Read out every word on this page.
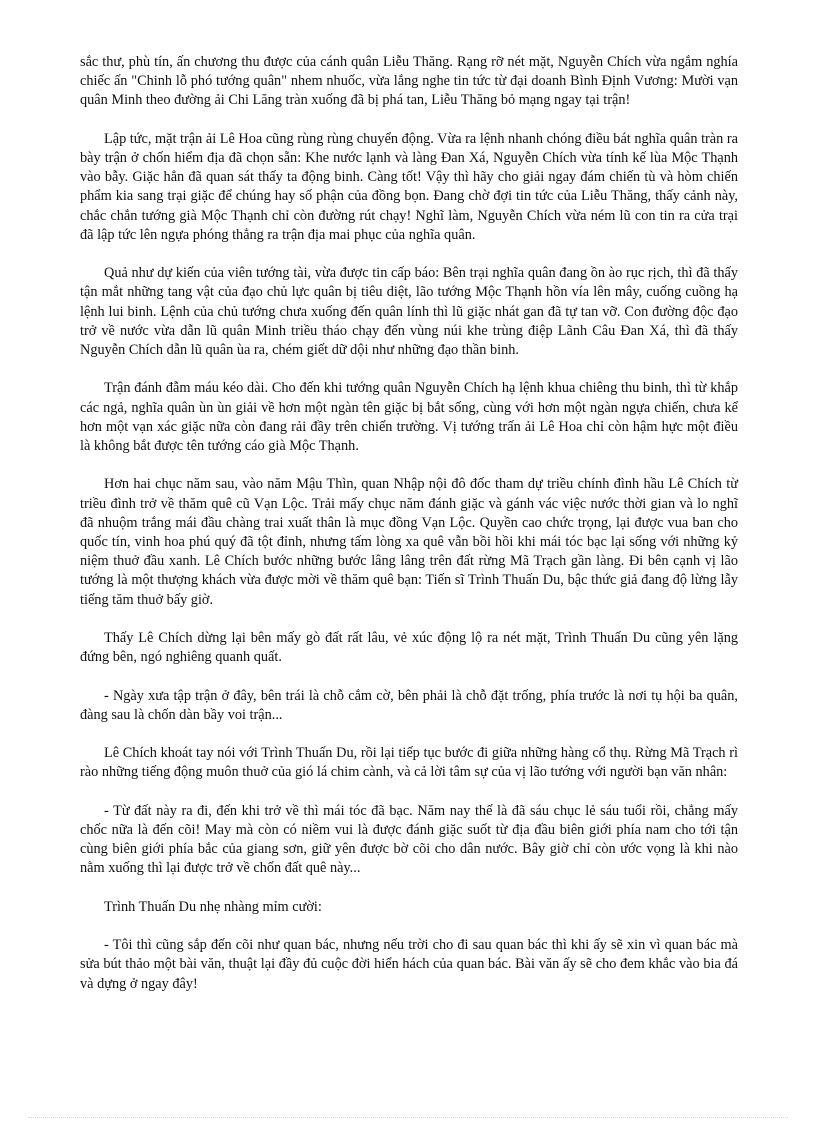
sắc thư, phù tín, ấn chương thu được của cánh quân Liễu Thăng. Rạng rỡ nét mặt, Nguyễn Chích vừa ngắm nghía chiếc ấn "Chinh lỗ phó tướng quân" nhem nhuốc, vừa lắng nghe tin tức từ đại doanh Bình Định Vương: Mười vạn quân Minh theo đường ải Chi Lăng tràn xuống đã bị phá tan, Liễu Thăng bỏ mạng ngay tại trận!

Lập tức, mặt trận ải Lê Hoa cũng rùng rùng chuyển động. Vừa ra lệnh nhanh chóng điều bát nghĩa quân tràn ra bày trận ở chốn hiểm địa đã chọn sẵn: Khe nước lạnh và làng Đan Xá, Nguyễn Chích vừa tính kế lùa Mộc Thạnh vào bẫy. Giặc hẳn đã quan sát thấy ta động binh. Càng tốt! Vậy thì hãy cho giải ngay đám chiến tù và hòm chiến phẩm kia sang trại giặc để chúng hay số phận của đồng bọn. Đang chờ đợi tin tức của Liễu Thăng, thấy cảnh này, chắc chắn tướng già Mộc Thạnh chỉ còn đường rút chạy! Nghĩ làm, Nguyễn Chích vừa ném lũ con tin ra cửa trại đã lập tức lên ngựa phóng thẳng ra trận địa mai phục của nghĩa quân.

Quả như dự kiến của viên tướng tài, vừa được tin cấp báo: Bên trại nghĩa quân đang ồn ào rục rịch, thì đã thấy tận mắt những tang vật của đạo chủ lực quân bị tiêu diệt, lão tướng Mộc Thạnh hồn vía lên mây, cuống cuồng hạ lệnh lui binh. Lệnh của chủ tướng chưa xuống đến quân lính thì lũ giặc nhát gan đã tự tan vỡ. Con đường độc đạo trở về nước vừa dẫn lũ quân Minh triều tháo chạy đến vùng núi khe trùng điệp Lãnh Câu Đan Xá, thì đã thấy Nguyễn Chích dẫn lũ quân ùa ra, chém giết dữ dội như những đạo thần binh.

Trận đánh đẫm máu kéo dài. Cho đến khi tướng quân Nguyễn Chích hạ lệnh khua chiêng thu binh, thì từ khắp các ngả, nghĩa quân ùn ùn giải về hơn một ngàn tên giặc bị bắt sống, cùng với hơn một ngàn ngựa chiến, chưa kể hơn một vạn xác giặc nữa còn đang rải đầy trên chiến trường. Vị tướng trấn ải Lê Hoa chỉ còn hậm hực một điều là không bắt được tên tướng cáo già Mộc Thạnh.

Hơn hai chục năm sau, vào năm Mậu Thìn, quan Nhập nội đô đốc tham dự triều chính đình hầu Lê Chích từ triều đình trở về thăm quê cũ Vạn Lộc. Trải mấy chục năm đánh giặc và gánh vác việc nước thời gian và lo nghĩ đã nhuộm trắng mái đầu chàng trai xuất thân là mục đồng Vạn Lộc. Quyền cao chức trọng, lại được vua ban cho quốc tín, vinh hoa phú quý đã tột đỉnh, nhưng tấm lòng xa quê vẫn bồi hồi khi mái tóc bạc lại sống với những kỷ niệm thuở đầu xanh. Lê Chích bước những bước lâng lâng trên đất rừng Mã Trạch gần làng. Đi bên cạnh vị lão tướng là một thượng khách vừa được mời về thăm quê bạn: Tiến sĩ Trình Thuấn Du, bậc thức giả đang độ lừng lẫy tiếng tăm thuở bấy giờ.

Thấy Lê Chích dừng lại bên mấy gò đất rất lâu, vẻ xúc động lộ ra nét mặt, Trình Thuấn Du cũng yên lặng đứng bên, ngó nghiêng quanh quất.

- Ngày xưa tập trận ở đây, bên trái là chỗ cắm cờ, bên phải là chỗ đặt trống, phía trước là nơi tụ hội ba quân, đàng sau là chốn dàn bầy voi trận...

Lê Chích khoát tay nói với Trình Thuấn Du, rồi lại tiếp tục bước đi giữa những hàng cổ thụ. Rừng Mã Trạch rì rào những tiếng động muôn thuở của gió lá chim cành, và cả lời tâm sự của vị lão tướng với người bạn văn nhân:

- Từ đất này ra đi, đến khi trở về thì mái tóc đã bạc. Năm nay thế là đã sáu chục lẻ sáu tuổi rồi, chẳng mấy chốc nữa là đến cõi! May mà còn có niềm vui là được đánh giặc suốt từ địa đầu biên giới phía nam cho tới tận cùng biên giới phía bắc của giang sơn, giữ yên được bờ cõi cho dân nước. Bây giờ chỉ còn ước vọng là khi nào nằm xuống thì lại được trở về chốn đất quê này...

Trình Thuấn Du nhẹ nhàng mỉm cười:

- Tôi thì cũng sắp đến cõi như quan bác, nhưng nếu trời cho đi sau quan bác thì khi ấy sẽ xin vì quan bác mà sửa bút thảo một bài văn, thuật lại đầy đủ cuộc đời hiển hách của quan bác. Bài văn ấy sẽ cho đem khắc vào bia đá và dựng ở ngay đây!
